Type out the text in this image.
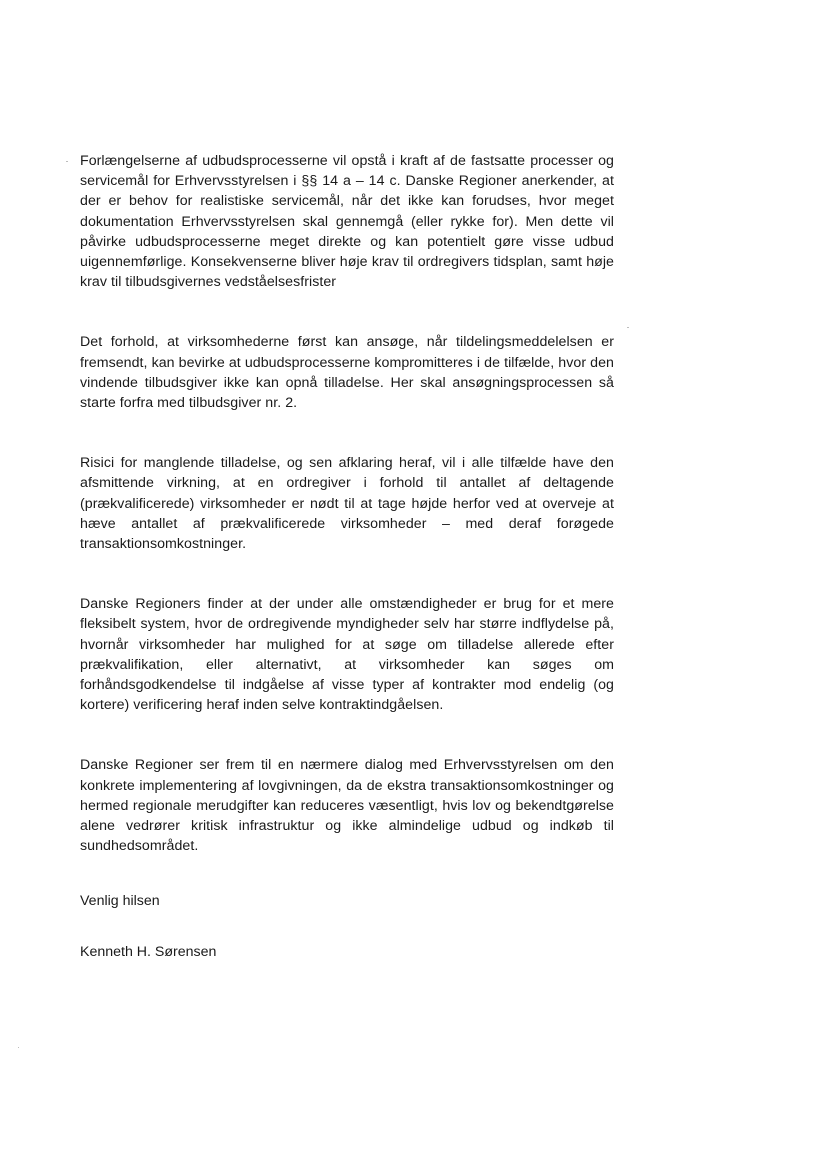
Forlængelserne af udbudsprocesserne vil opstå i kraft af de fastsatte processer og servicemål for Erhvervsstyrelsen i §§ 14 a – 14 c. Danske Regioner anerkender, at der er behov for realistiske servicemål, når det ikke kan forudses, hvor meget dokumentation Erhvervsstyrelsen skal gennemgå (eller rykke for). Men dette vil påvirke udbudsprocesserne meget direkte og kan potentielt gøre visse udbud uigennemførlige. Konsekvenserne bliver høje krav til ordregivers tidsplan, samt høje krav til tilbudsgivernes vedståelsesfrister

Det forhold, at virksomhederne først kan ansøge, når tildelingsmeddelelsen er fremsendt, kan bevirke at udbudsprocesserne kompromitteres i de tilfælde, hvor den vindende tilbudsgiver ikke kan opnå tilladelse. Her skal ansøgningsprocessen så starte forfra med tilbudsgiver nr. 2.

Risici for manglende tilladelse, og sen afklaring heraf, vil i alle tilfælde have den afsmittende virkning, at en ordregiver i forhold til antallet af deltagende (prækvalificerede) virksomheder er nødt til at tage højde herfor ved at overveje at hæve antallet af prækvalificerede virksomheder – med deraf forøgede transaktionsomkostninger.

Danske Regioners finder at der under alle omstændigheder er brug for et mere fleksibelt system, hvor de ordregivende myndigheder selv har større indflydelse på, hvornår virksomheder har mulighed for at søge om tilladelse allerede efter prækvalifikation, eller alternativt, at virksomheder kan søges om forhåndsgodkendelse til indgåelse af visse typer af kontrakter mod endelig (og kortere) verificering heraf inden selve kontraktindgåelsen.

Danske Regioner ser frem til en nærmere dialog med Erhvervsstyrelsen om den konkrete implementering af lovgivningen, da de ekstra transaktionsomkostninger og hermed regionale merudgifter kan reduceres væsentligt, hvis lov og bekendtgørelse alene vedrører kritisk infrastruktur og ikke almindelige udbud og indkøb til sundhedsområdet.

Venlig hilsen

Kenneth H. Sørensen
